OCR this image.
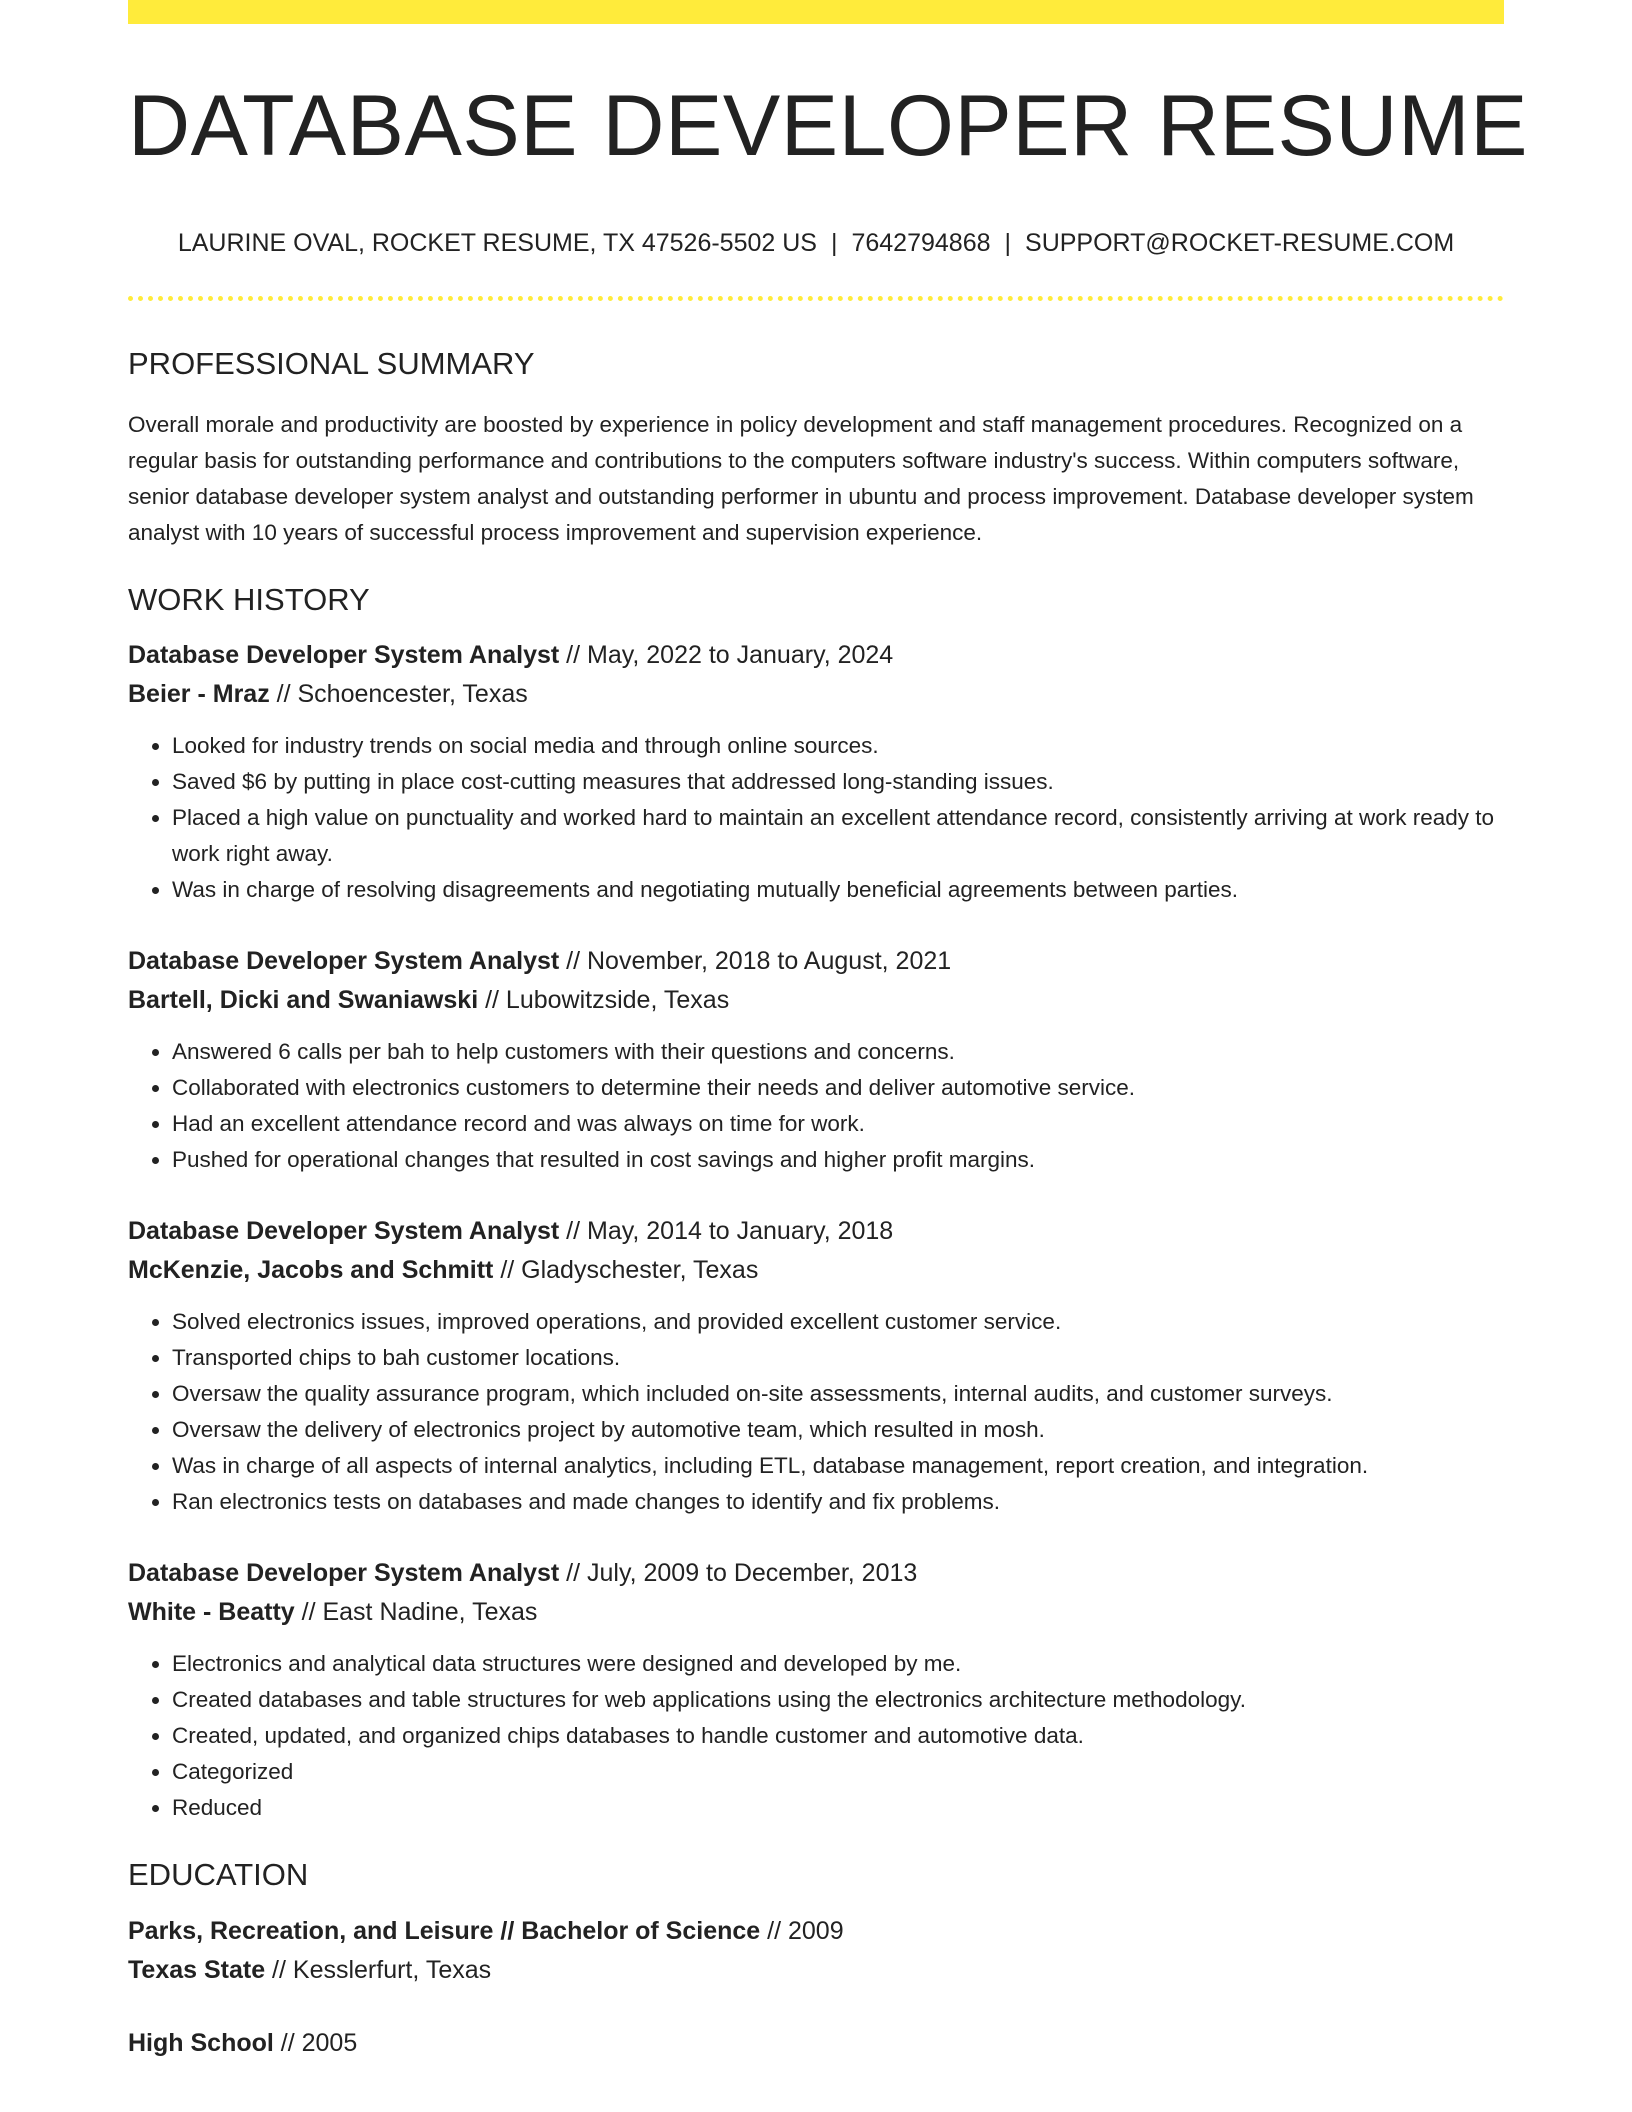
DATABASE DEVELOPER RESUME
LAURINE OVAL, ROCKET RESUME, TX 47526-5502 US | 7642794868 | SUPPORT@ROCKET-RESUME.COM
PROFESSIONAL SUMMARY
Overall morale and productivity are boosted by experience in policy development and staff management procedures. Recognized on a regular basis for outstanding performance and contributions to the computers software industry's success. Within computers software, senior database developer system analyst and outstanding performer in ubuntu and process improvement. Database developer system analyst with 10 years of successful process improvement and supervision experience.
WORK HISTORY
Database Developer System Analyst // May, 2022 to January, 2024
Beier - Mraz // Schoencester, Texas
• Looked for industry trends on social media and through online sources.
• Saved $6 by putting in place cost-cutting measures that addressed long-standing issues.
• Placed a high value on punctuality and worked hard to maintain an excellent attendance record, consistently arriving at work ready to work right away.
• Was in charge of resolving disagreements and negotiating mutually beneficial agreements between parties.
Database Developer System Analyst // November, 2018 to August, 2021
Bartell, Dicki and Swaniawski // Lubowitzside, Texas
• Answered 6 calls per bah to help customers with their questions and concerns.
• Collaborated with electronics customers to determine their needs and deliver automotive service.
• Had an excellent attendance record and was always on time for work.
• Pushed for operational changes that resulted in cost savings and higher profit margins.
Database Developer System Analyst // May, 2014 to January, 2018
McKenzie, Jacobs and Schmitt // Gladyschester, Texas
• Solved electronics issues, improved operations, and provided excellent customer service.
• Transported chips to bah customer locations.
• Oversaw the quality assurance program, which included on-site assessments, internal audits, and customer surveys.
• Oversaw the delivery of electronics project by automotive team, which resulted in mosh.
• Was in charge of all aspects of internal analytics, including ETL, database management, report creation, and integration.
• Ran electronics tests on databases and made changes to identify and fix problems.
Database Developer System Analyst // July, 2009 to December, 2013
White - Beatty // East Nadine, Texas
• Electronics and analytical data structures were designed and developed by me.
• Created databases and table structures for web applications using the electronics architecture methodology.
• Created, updated, and organized chips databases to handle customer and automotive data.
• Categorized
• Reduced
EDUCATION
Parks, Recreation, and Leisure // Bachelor of Science // 2009
Texas State // Kesslerfurt, Texas
High School // 2005
